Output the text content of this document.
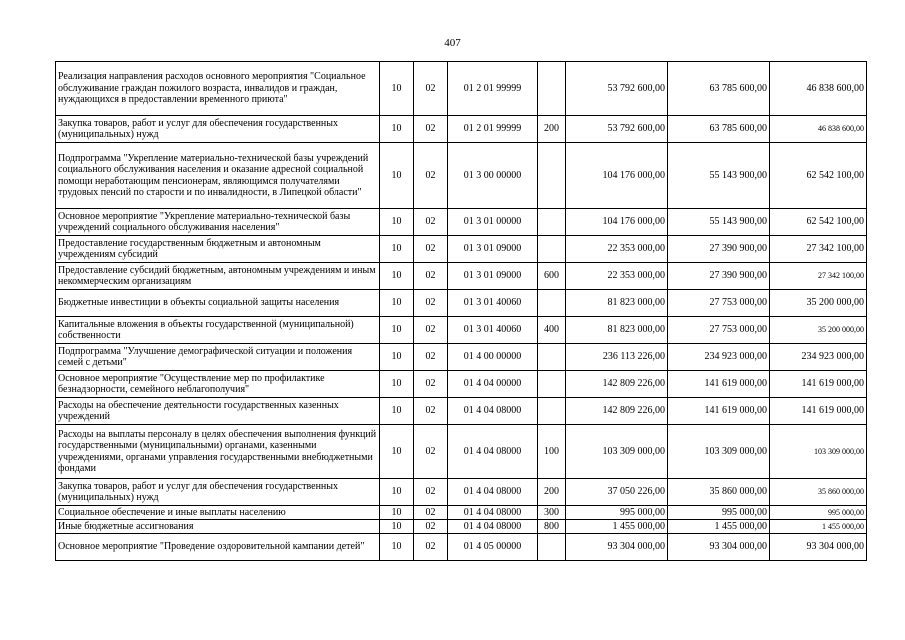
407
Реализация направления расходов основного мероприятия "Социальное обслуживание граждан пожилого возраста, инвалидов и граждан, нуждающихся в предоставлении временного приюта"	10	02	01 2 01 99999		53 792 600,00	63 785 600,00	46 838 600,00
Закупка товаров, работ и услуг для обеспечения государственных (муниципальных) нужд	10	02	01 2 01 99999	200	53 792 600,00	63 785 600,00	46 838 600,00
Подпрограмма "Укрепление материально-технической базы учреждений социального обслуживания населения и оказание адресной социальной помощи неработающим пенсионерам, являющимся получателями трудовых пенсий по старости и по инвалидности, в Липецкой области"	10	02	01 3 00 00000		104 176 000,00	55 143 900,00	62 542 100,00
Основное мероприятие "Укрепление материально-технической базы учреждений социального обслуживания населения"	10	02	01 3 01 00000		104 176 000,00	55 143 900,00	62 542 100,00
Предоставление государственным бюджетным и автономным учреждениям субсидий	10	02	01 3 01 09000		22 353 000,00	27 390 900,00	27 342 100,00
Предоставление субсидий бюджетным, автономным учреждениям и иным некоммерческим организациям	10	02	01 3 01 09000	600	22 353 000,00	27 390 900,00	27 342 100,00
Бюджетные инвестиции в объекты социальной защиты населения	10	02	01 3 01 40060		81 823 000,00	27 753 000,00	35 200 000,00
Капитальные вложения в объекты государственной (муниципальной) собственности	10	02	01 3 01 40060	400	81 823 000,00	27 753 000,00	35 200 000,00
Подпрограмма "Улучшение демографической ситуации и положения семей с детьми"	10	02	01 4 00 00000		236 113 226,00	234 923 000,00	234 923 000,00
Основное мероприятие "Осуществление мер по профилактике безнадзорности, семейного неблагополучия"	10	02	01 4 04 00000		142 809 226,00	141 619 000,00	141 619 000,00
Расходы на обеспечение деятельности государственных казенных учреждений	10	02	01 4 04 08000		142 809 226,00	141 619 000,00	141 619 000,00
Расходы на выплаты персоналу в целях обеспечения выполнения функций государственными (муниципальными) органами, казенными учреждениями, органами управления государственными внебюджетными фондами	10	02	01 4 04 08000	100	103 309 000,00	103 309 000,00	103 309 000,00
Закупка товаров, работ и услуг для обеспечения государственных (муниципальных) нужд	10	02	01 4 04 08000	200	37 050 226,00	35 860 000,00	35 860 000,00
Социальное обеспечение и иные выплаты населению	10	02	01 4 04 08000	300	995 000,00	995 000,00	995 000,00
Иные бюджетные ассигнования	10	02	01 4 04 08000	800	1 455 000,00	1 455 000,00	1 455 000,00
Основное мероприятие "Проведение оздоровительной кампании детей"	10	02	01 4 05 00000		93 304 000,00	93 304 000,00	93 304 000,00
